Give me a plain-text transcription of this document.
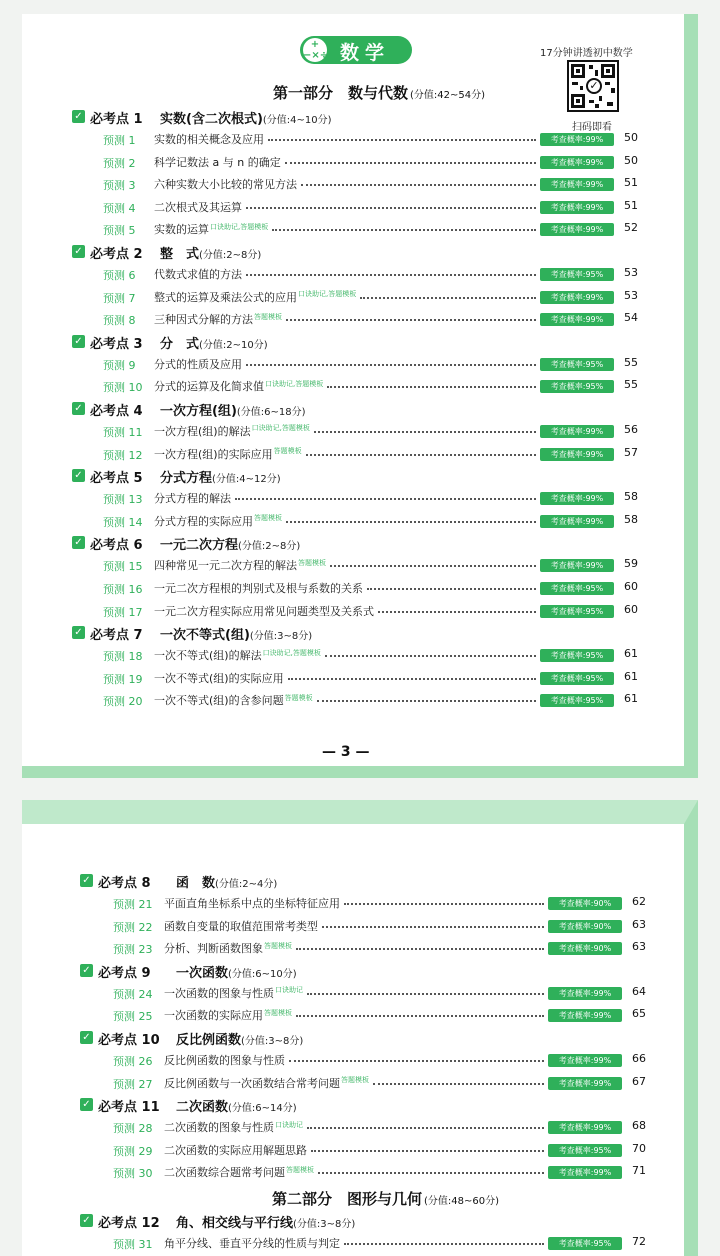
+−×÷ 数学	17分钟讲透初中数学
✓
扫码即看
第一部分　数与代数 (分值:42~54分)
✓ 必考点 1 实数(含二次根式)(分值:4~10分)
预测 1 实数的相关概念及应用	考查概率:99%	50
预测 2 科学记数法 a 与 n 的确定	考查概率:99%	50
预测 3 六种实数大小比较的常见方法	考查概率:99%	51
预测 4 二次根式及其运算	考查概率:99%	51
预测 5 实数的运算$^{口诀助记,答题模板}$	考查概率:99%	52
✓ 必考点 2 整　式(分值:2~8分)
预测 6 代数式求值的方法	考查概率:95%	53
预测 7 整式的运算及乘法公式的应用$^{口诀助记,答题模板}$	考查概率:99%	53
预测 8 三种因式分解的方法$^{答题模板}$	考查概率:99%	54
✓ 必考点 3 分　式(分值:2~10分)
预测 9 分式的性质及应用	考查概率:95%	55
预测 10 分式的运算及化简求值$^{口诀助记,答题模板}$	考查概率:95%	55
✓ 必考点 4 一次方程(组)(分值:6~18分)
预测 11 一次方程(组)的解法$^{口诀助记,答题模板}$	考查概率:99%	56
预测 12 一次方程(组)的实际应用$^{答题模板}$	考查概率:99%	57
✓ 必考点 5 分式方程(分值:4~12分)
预测 13 分式方程的解法	考查概率:99%	58
预测 14 分式方程的实际应用$^{答题模板}$	考查概率:99%	58
✓ 必考点 6 一元二次方程(分值:2~8分)
预测 15 四种常见一元二次方程的解法$^{答题模板}$	考查概率:99%	59
预测 16 一元二次方程根的判别式及根与系数的关系	考查概率:95%	60
预测 17 一元二次方程实际应用常见问题类型及关系式	考查概率:95%	60
✓ 必考点 7 一次不等式(组)(分值:3~8分)
预测 18 一次不等式(组)的解法$^{口诀助记,答题模板}$	考查概率:95%	61
预测 19 一次不等式(组)的实际应用	考查概率:95%	61
预测 20 一次不等式(组)的含参问题$^{答题模板}$	考查概率:95%	61
— 3 —
✓ 必考点 8 函　数(分值:2~4分)
预测 21 平面直角坐标系中点的坐标特征应用	考查概率:90%	62
预测 22 函数自变量的取值范围常考类型	考查概率:90%	63
预测 23 分析、判断函数图象$^{答题模板}$	考查概率:90%	63
✓ 必考点 9 一次函数(分值:6~10分)
预测 24 一次函数的图象与性质$^{口诀助记}$	考查概率:99%	64
预测 25 一次函数的实际应用$^{答题模板}$	考查概率:99%	65
✓ 必考点 10 反比例函数(分值:3~8分)
预测 26 反比例函数的图象与性质	考查概率:99%	66
预测 27 反比例函数与一次函数结合常考问题$^{答题模板}$	考查概率:99%	67
✓ 必考点 11 二次函数(分值:6~14分)
预测 28 二次函数的图象与性质$^{口诀助记}$	考查概率:99%	68
预测 29 二次函数的实际应用解题思路	考查概率:95%	70
预测 30 二次函数综合题常考问题$^{答题模板}$	考查概率:99%	71
第二部分　图形与几何 (分值:48~60分)
✓ 必考点 12 角、相交线与平行线(分值:3~8分)
预测 31 角平分线、垂直平分线的性质与判定	考查概率:95%	72
